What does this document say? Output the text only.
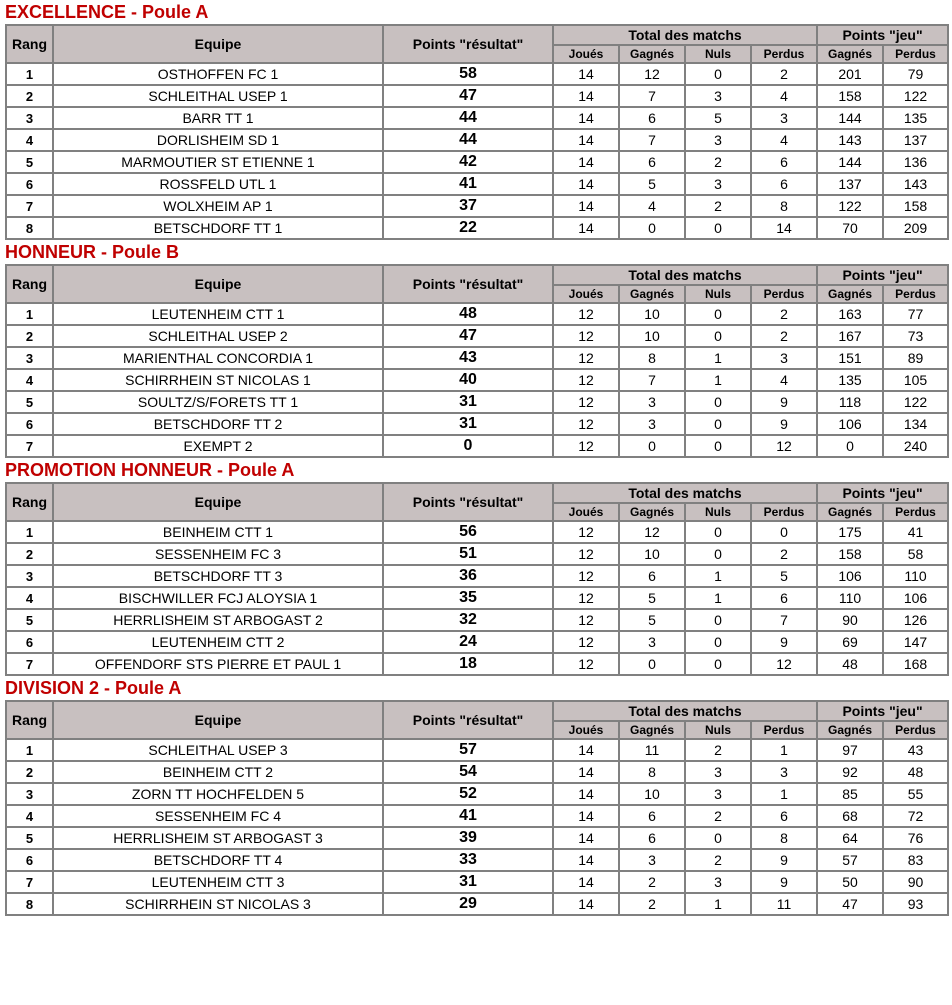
EXCELLENCE - Poule A
Rang	Equipe	Points "résultat"	Total des matchs				Points "jeu"	
			Joués	Gagnés	Nuls	Perdus	Gagnés	Perdus
1	OSTHOFFEN FC 1	58	14	12	0	2	201	79
2	SCHLEITHAL USEP 1	47	14	7	3	4	158	122
3	BARR TT 1	44	14	6	5	3	144	135
4	DORLISHEIM SD 1	44	14	7	3	4	143	137
5	MARMOUTIER ST ETIENNE 1	42	14	6	2	6	144	136
6	ROSSFELD UTL 1	41	14	5	3	6	137	143
7	WOLXHEIM AP 1	37	14	4	2	8	122	158
8	BETSCHDORF TT 1	22	14	0	0	14	70	209
HONNEUR - Poule B
Rang	Equipe	Points "résultat"	Total des matchs				Points "jeu"	
			Joués	Gagnés	Nuls	Perdus	Gagnés	Perdus
1	LEUTENHEIM CTT 1	48	12	10	0	2	163	77
2	SCHLEITHAL USEP 2	47	12	10	0	2	167	73
3	MARIENTHAL CONCORDIA 1	43	12	8	1	3	151	89
4	SCHIRRHEIN ST NICOLAS 1	40	12	7	1	4	135	105
5	SOULTZ/S/FORETS TT 1	31	12	3	0	9	118	122
6	BETSCHDORF TT 2	31	12	3	0	9	106	134
7	EXEMPT 2	0	12	0	0	12	0	240
PROMOTION HONNEUR - Poule A
Rang	Equipe	Points "résultat"	Total des matchs				Points "jeu"	
			Joués	Gagnés	Nuls	Perdus	Gagnés	Perdus
1	BEINHEIM CTT 1	56	12	12	0	0	175	41
2	SESSENHEIM FC 3	51	12	10	0	2	158	58
3	BETSCHDORF TT 3	36	12	6	1	5	106	110
4	BISCHWILLER FCJ ALOYSIA 1	35	12	5	1	6	110	106
5	HERRLISHEIM ST ARBOGAST 2	32	12	5	0	7	90	126
6	LEUTENHEIM CTT 2	24	12	3	0	9	69	147
7	OFFENDORF STS PIERRE ET PAUL 1	18	12	0	0	12	48	168
DIVISION 2 - Poule A
Rang	Equipe	Points "résultat"	Total des matchs				Points "jeu"	
			Joués	Gagnés	Nuls	Perdus	Gagnés	Perdus
1	SCHLEITHAL USEP 3	57	14	11	2	1	97	43
2	BEINHEIM CTT 2	54	14	8	3	3	92	48
3	ZORN TT HOCHFELDEN 5	52	14	10	3	1	85	55
4	SESSENHEIM FC 4	41	14	6	2	6	68	72
5	HERRLISHEIM ST ARBOGAST 3	39	14	6	0	8	64	76
6	BETSCHDORF TT 4	33	14	3	2	9	57	83
7	LEUTENHEIM CTT 3	31	14	2	3	9	50	90
8	SCHIRRHEIN ST NICOLAS 3	29	14	2	1	11	47	93
